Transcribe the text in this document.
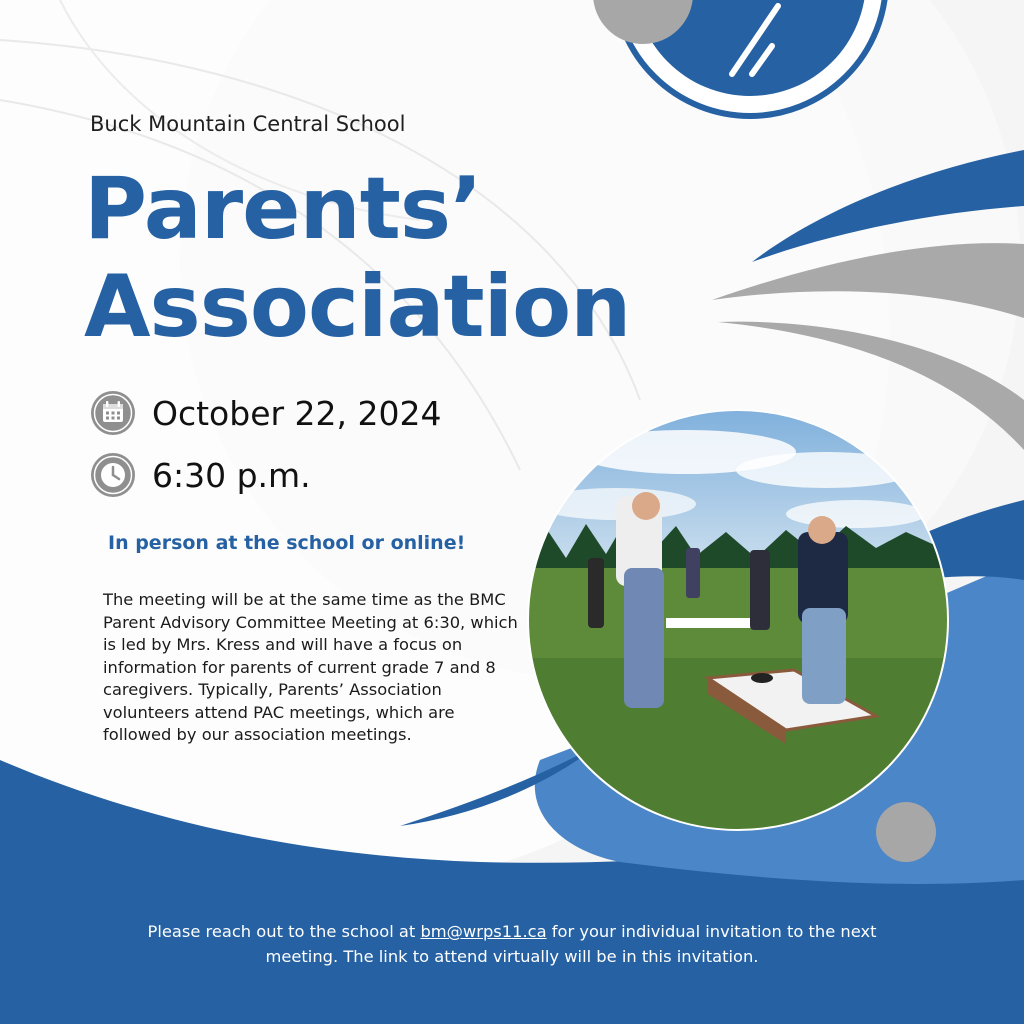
Buck Mountain Central School
Parents’
Association
October 22, 2024
6:30 p.m.
In person at the school or online!
The meeting will be at the same time as the BMC Parent Advisory Committee Meeting at 6:30, which is led by Mrs. Kress and will have a focus on information for parents of current grade 7 and 8 caregivers. Typically, Parents’ Association volunteers attend PAC meetings, which are followed by our association meetings.
Please reach out to the school at bm@wrps11.ca for your individual invitation to the next meeting. The link to attend virtually will be in this invitation.
